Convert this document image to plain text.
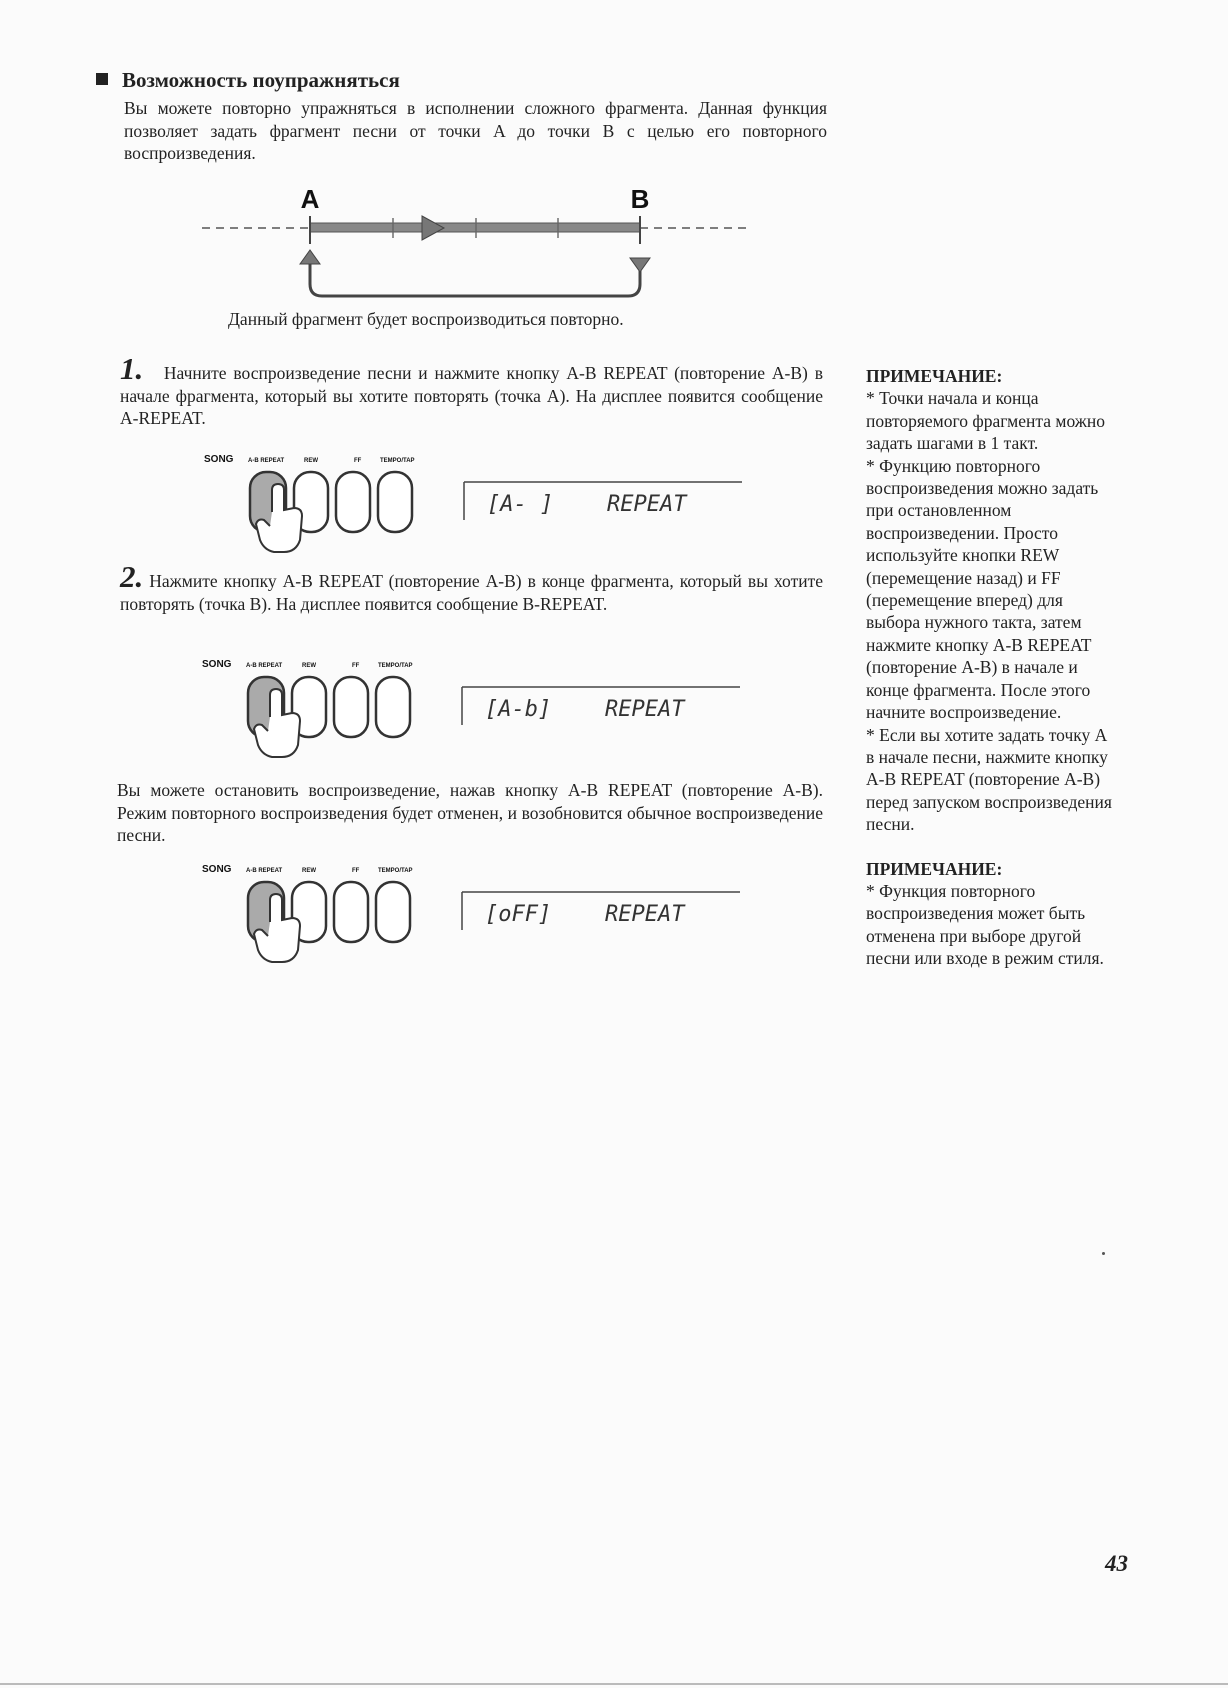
Возможность поупражняться
Вы можете повторно упражняться в исполнении сложного фрагмента. Данная функция позволяет задать фрагмент песни от точки A до точки B с целью его повторного воспроизведения.
A	B
Данный фрагмент будет воспроизводиться повторно.
1. Начните воспроизведение песни и нажмите кнопку A-B REPEAT (повторение A-B) в начале фрагмента, который вы хотите повторять (точка A). На дисплее появится сообщение A-REPEAT.
SONG A-B REPEAT	REW	FF	TEMPO/TAP
[A- ] REPEAT
2. Нажмите кнопку A-B REPEAT (повторение A-B) в конце фрагмента, который вы хотите повторять (точка B). На дисплее появится сообщение B-REPEAT.
SONG A-B REPEAT	REW	FF	TEMPO/TAP
[A-b] REPEAT
Вы можете остановить воспроизведение, нажав кнопку A-B REPEAT (повторение A-B). Режим повторного воспроизведения будет отменен, и возобновится обычное воспроизведение песни.
SONG A-B REPEAT	REW	FF	TEMPO/TAP
[oFF] REPEAT
ПРИМЕЧАНИЕ:
* Точки начала и конца повторяемого фрагмента можно задать шагами в 1 такт.
* Функцию повторного воспроизведения можно задать при остановленном воспроизведении. Просто используйте кнопки REW (перемещение назад) и FF (перемещение вперед) для выбора нужного такта, затем нажмите кнопку A-B REPEAT (повторение A-B) в начале и конце фрагмента. После этого начните воспроизведение.
* Если вы хотите задать точку A в начале песни, нажмите кнопку A-B REPEAT (повторение A-B) перед запуском воспроизведения песни.
ПРИМЕЧАНИЕ:
* Функция повторного воспроизведения может быть отменена при выборе другой песни или входе в режим стиля.
43
